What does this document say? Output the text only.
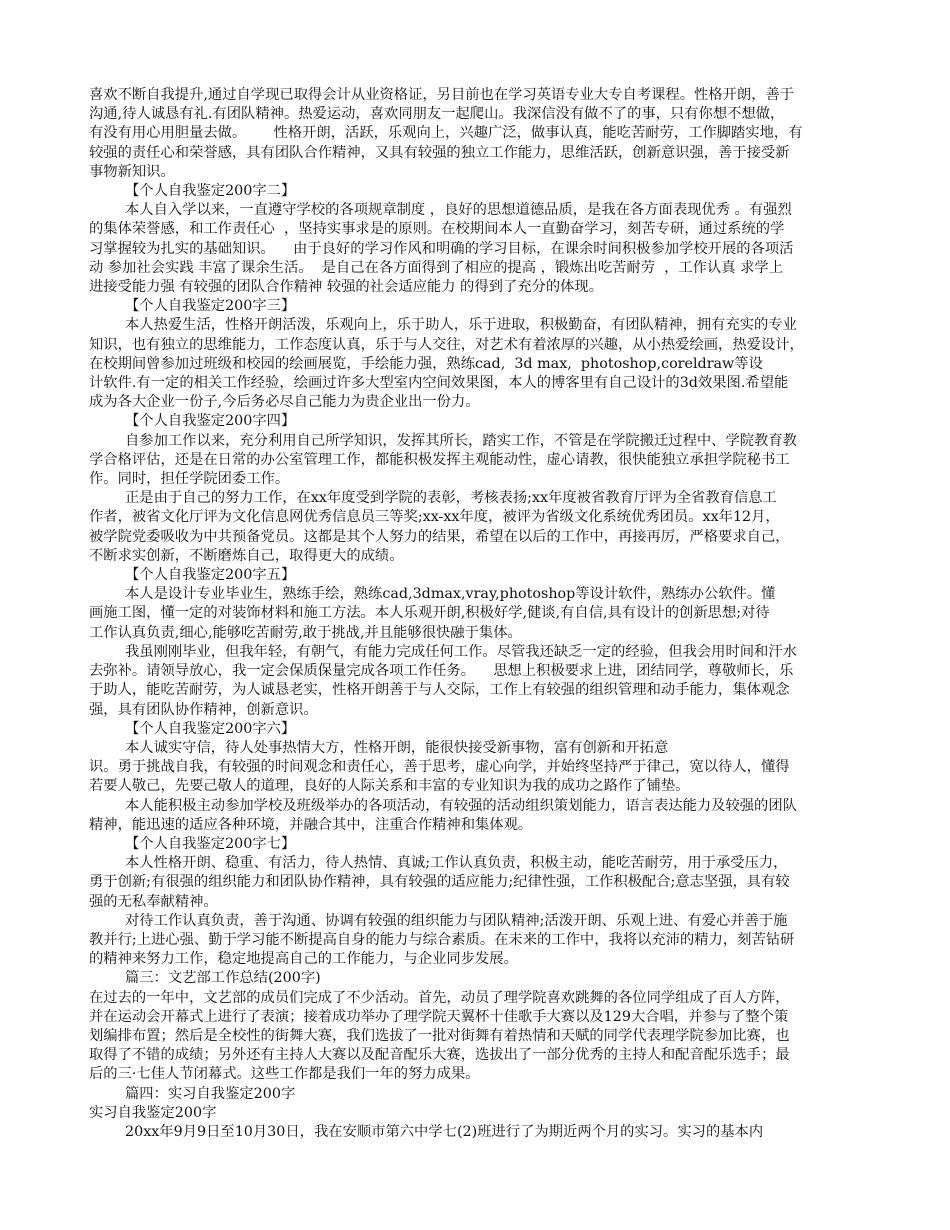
喜欢不断自我提升,通过自学现已取得会计从业资格证，另目前也在学习英语专业大专自考课程。性格开朗，善于
沟通,待人诚恳有礼.有团队精神。热爱运动，喜欢同朋友一起爬山。我深信没有做不了的事，只有你想不想做，
有没有用心用胆量去做。      性格开朗，活跃，乐观向上，兴趣广泛，做事认真，能吃苦耐劳，工作脚踏实地，有
较强的责任心和荣誉感，具有团队合作精神，又具有较强的独立工作能力，思维活跃，创新意识强，善于接受新
事物新知识。
【个人自我鉴定200字二】
本人自入学以来，一直遵守学校的各项规章制度 ，良好的思想道德品质，是我在各方面表现优秀 。有强烈
的集体荣誉感，和工作责任心  ，坚持实事求是的原则。在校期间本人一直勤奋学习，刻苦专研，通过系统的学
习掌握较为扎实的基础知识。    由于良好的学习作风和明确的学习目标，在课余时间积极参加学校开展的各项活
动 参加社会实践 丰富了课余生活。  是自己在各方面得到了相应的提高 ，锻炼出吃苦耐劳  ，工作认真 求学上
进接受能力强 有较强的团队合作精神 较强的社会适应能力 的得到了充分的体现。
【个人自我鉴定200字三】
本人热爱生活，性格开朗活泼，乐观向上，乐于助人，乐于进取，积极勤奋，有团队精神，拥有充实的专业
知识，也有独立的思维能力，工作态度认真，乐于与人交往，对艺术有着浓厚的兴趣，从小热爱绘画，热爱设计，
在校期间曾参加过班级和校园的绘画展览，手绘能力强，熟练cad,  3d max,  photoshop,coreldraw等设
计软件.有一定的相关工作经验，绘画过许多大型室内空间效果图，本人的博客里有自己设计的3d效果图.希望能
成为各大企业一份子,今后务必尽自己能力为贵企业出一份力。
【个人自我鉴定200字四】
自参加工作以来，充分利用自己所学知识，发挥其所长，踏实工作，不管是在学院搬迁过程中、学院教育教
学合格评估，还是在日常的办公室管理工作，都能积极发挥主观能动性，虚心请教，很快能独立承担学院秘书工
作。同时，担任学院团委工作。
正是由于自己的努力工作，在xx年度受到学院的表彰，考核表扬;xx年度被省教育厅评为全省教育信息工
作者，被省文化厅评为文化信息网优秀信息员三等奖;xx-xx年度，被评为省级文化系统优秀团员。xx年12月，
被学院党委吸收为中共预备党员。这都是其个人努力的结果，希望在以后的工作中，再接再厉，严格要求自己，
不断求实创新，不断磨炼自己，取得更大的成绩。
【个人自我鉴定200字五】
本人是设计专业毕业生，熟练手绘，熟练cad,3dmax,vray,photoshop等设计软件，熟练办公软件。懂
画施工图，懂一定的对装饰材料和施工方法。本人乐观开朗,积极好学,健谈,有自信,具有设计的创新思想;对待
工作认真负责,细心,能够吃苦耐劳,敢于挑战,并且能够很快融于集体。
我虽刚刚毕业，但我年轻，有朝气，有能力完成任何工作。尽管我还缺乏一定的经验，但我会用时间和汗水
去弥补。请领导放心，我一定会保质保量完成各项工作任务。    思想上积极要求上进，团结同学，尊敬师长，乐
于助人，能吃苦耐劳，为人诚恳老实，性格开朗善于与人交际，工作上有较强的组织管理和动手能力，集体观念
强，具有团队协作精神，创新意识。
【个人自我鉴定200字六】
本人诚实守信，待人处事热情大方，性格开朗，能很快接受新事物，富有创新和开拓意
识。勇于挑战自我，有较强的时间观念和责任心，善于思考，虚心向学，并始终坚持严于律己，宽以待人，懂得
若要人敬己，先要己敬人的道理，良好的人际关系和丰富的专业知识为我的成功之路作了铺垫。
本人能积极主动参加学校及班级举办的各项活动，有较强的活动组织策划能力，语言表达能力及较强的团队
精神，能迅速的适应各种环境，并融合其中，注重合作精神和集体观。
【个人自我鉴定200字七】
本人性格开朗、稳重、有活力，待人热情、真诚;工作认真负责，积极主动，能吃苦耐劳，用于承受压力，
勇于创新;有很强的组织能力和团队协作精神，具有较强的适应能力;纪律性强，工作积极配合;意志坚强，具有较
强的无私奉献精神。
对待工作认真负责，善于沟通、协调有较强的组织能力与团队精神;活泼开朗、乐观上进、有爱心并善于施
教并行;上进心强、勤于学习能不断提高自身的能力与综合素质。在未来的工作中，我将以充沛的精力，刻苦钻研
的精神来努力工作，稳定地提高自己的工作能力，与企业同步发展。
篇三：文艺部工作总结(200字)
在过去的一年中，文艺部的成员们完成了不少活动。首先，动员了理学院喜欢跳舞的各位同学组成了百人方阵，
并在运动会开幕式上进行了表演；接着成功举办了理学院天翼杯十佳歌手大赛以及129大合唱，并参与了整个策
划编排布置；然后是全校性的街舞大赛，我们选拔了一批对街舞有着热情和天赋的同学代表理学院参加比赛，也
取得了不错的成绩；另外还有主持人大赛以及配音配乐大赛，选拔出了一部分优秀的主持人和配音配乐选手；最
后的三·七佳人节闭幕式。这些工作都是我们一年的努力成果。
篇四：实习自我鉴定200字
实习自我鉴定200字
20xx年9月9日至10月30日，我在安顺市第六中学七(2)班进行了为期近两个月的实习。实习的基本内
